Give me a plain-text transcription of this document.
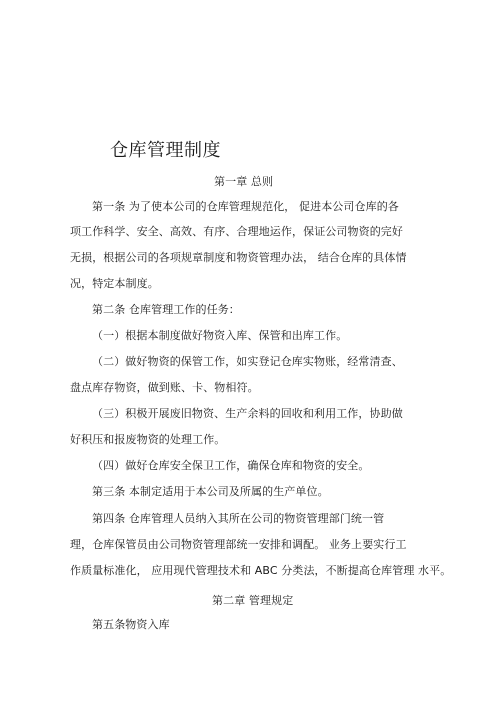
仓库管理制度
第一章 总则
第一条 为了使本公司的仓库管理规范化， 促进本公司仓库的各
项工作科学、安全、高效、有序、合理地运作，保证公司物资的完好
无损，根据公司的各项规章制度和物资管理办法， 结合仓库的具体情
况，特定本制度。
第二条 仓库管理工作的任务：
（一）根据本制度做好物资入库、保管和出库工作。
（二）做好物资的保管工作，如实登记仓库实物账，经常清查、
盘点库存物资，做到账、卡、物相符。
（三）积极开展废旧物资、生产余料的回收和利用工作，协助做
好积压和报废物资的处理工作。
（四）做好仓库安全保卫工作，确保仓库和物资的安全。
第三条 本制定适用于本公司及所属的生产单位。
第四条 仓库管理人员纳入其所在公司的物资管理部门统一管
理，仓库保管员由公司物资管理部统一安排和调配。 业务上要实行工
作质量标准化， 应用现代管理技术和 ABC 分类法，不断提高仓库管理 水平。
第二章 管理规定
第五条物资入库
